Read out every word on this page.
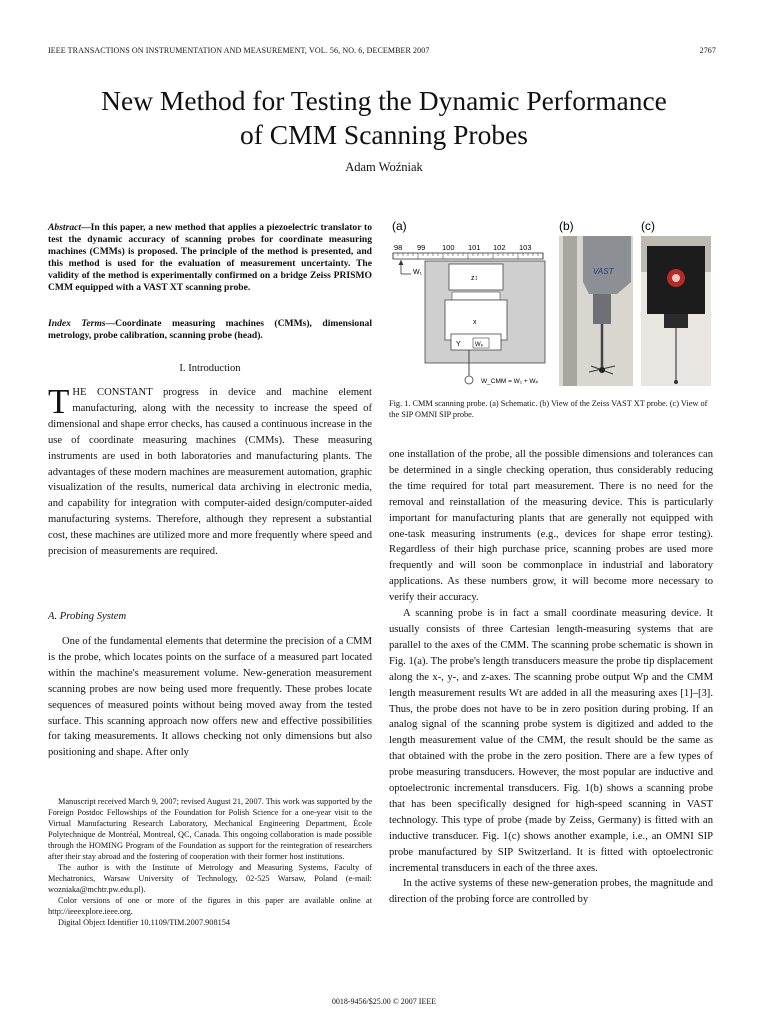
IEEE TRANSACTIONS ON INSTRUMENTATION AND MEASUREMENT, VOL. 56, NO. 6, DECEMBER 2007	2767
New Method for Testing the Dynamic Performance
of CMM Scanning Probes
Adam Woźniak
Abstract—In this paper, a new method that applies a piezoelectric translator to test the dynamic accuracy of scanning probes for coordinate measuring machines (CMMs) is proposed. The principle of the method is presented, and this method is used for the evaluation of measurement uncertainty. The validity of the method is experimentally confirmed on a bridge Zeiss PRISMO CMM equipped with a VAST XT scanning probe.
Index Terms—Coordinate measuring machines (CMMs), dimensional metrology, probe calibration, scanning probe (head).
I. Introduction
THE CONSTANT progress in device and machine element manufacturing, along with the necessity to increase the speed of dimensional and shape error checks, has caused a continuous increase in the use of coordinate measuring machines (CMMs). These measuring instruments are used in both laboratories and manufacturing plants. The advantages of these modern machines are measurement automation, graphic visualization of the results, numerical data archiving in electronic media, and capability for integration with computer-aided design/computer-aided manufacturing systems. Therefore, although they represent a substantial cost, these machines are utilized more and more frequently where speed and precision of measurements are required.
A. Probing System

One of the fundamental elements that determine the precision of a CMM is the probe, which locates points on the surface of a measured part located within the machine's measurement volume. New-generation measurement scanning probes are now being used more frequently. These probes locate sequences of measured points without being moved away from the tested surface. This scanning approach now offers new and effective possibilities for taking measurements. It allows checking not only dimensions but also positioning and shape. After only

Manuscript received March 9, 2007; revised August 21, 2007. This work was supported by the Foreign Postdoc Fellowships of the Foundation for Polish Science for a one-year visit to the Virtual Manufacturing Research Laboratory, Mechanical Engineering Department, École Polytechnique de Montréal, Montreal, QC, Canada. This ongoing collaboration is made possible through the HOMING Program of the Foundation as support for the reintegration of researchers after their stay abroad and the fostering of cooperation with their former host institutions.

The author is with the Institute of Metrology and Measuring Systems, Faculty of Mechatronics, Warsaw University of Technology, 02-525 Warsaw, Poland (e-mail: wozniaka@mchtr.pw.edu.pl).

Color versions of one or more of the figures in this paper are available online at http://ieeexplore.ieee.org.

Digital Object Identifier 10.1109/TIM.2007.908154

(a)	(b)	(c)
98 99 100 101 102 103
W₁
z↕
x
Y Wₚ
W_CMM = W₁ + Wₚ
VAST
Fig. 1. CMM scanning probe. (a) Schematic. (b) View of the Zeiss VAST XT probe. (c) View of the SIP OMNI SIP probe.

one installation of the probe, all the possible dimensions and tolerances can be determined in a single checking operation, thus considerably reducing the time required for total part measurement. There is no need for the removal and reinstallation of the measuring device. This is particularly important for manufacturing plants that are generally not equipped with one-task measuring instruments (e.g., devices for shape error testing). Regardless of their high purchase price, scanning probes are used more frequently and will soon be commonplace in industrial and laboratory applications. As these numbers grow, it will become more necessary to verify their accuracy.

A scanning probe is in fact a small coordinate measuring device. It usually consists of three Cartesian length-measuring systems that are parallel to the axes of the CMM. The scanning probe schematic is shown in Fig. 1(a). The probe's length transducers measure the probe tip displacement along the x-, y-, and z-axes. The scanning probe output Wp and the CMM length measurement results Wt are added in all the measuring axes [1]–[3]. Thus, the probe does not have to be in zero position during probing. If an analog signal of the scanning probe system is digitized and added to the length measurement value of the CMM, the result should be the same as that obtained with the probe in the zero position. There are a few types of probe measuring transducers. However, the most popular are inductive and optoelectronic incremental transducers. Fig. 1(b) shows a scanning probe that has been specifically designed for high-speed scanning in VAST technology. This type of probe (made by Zeiss, Germany) is fitted with an inductive transducer. Fig. 1(c) shows another example, i.e., an OMNI SIP probe manufactured by SIP Switzerland. It is fitted with optoelectronic incremental transducers in each of the three axes.

In the active systems of these new-generation probes, the magnitude and direction of the probing force are controlled by

0018-9456/$25.00 © 2007 IEEE
